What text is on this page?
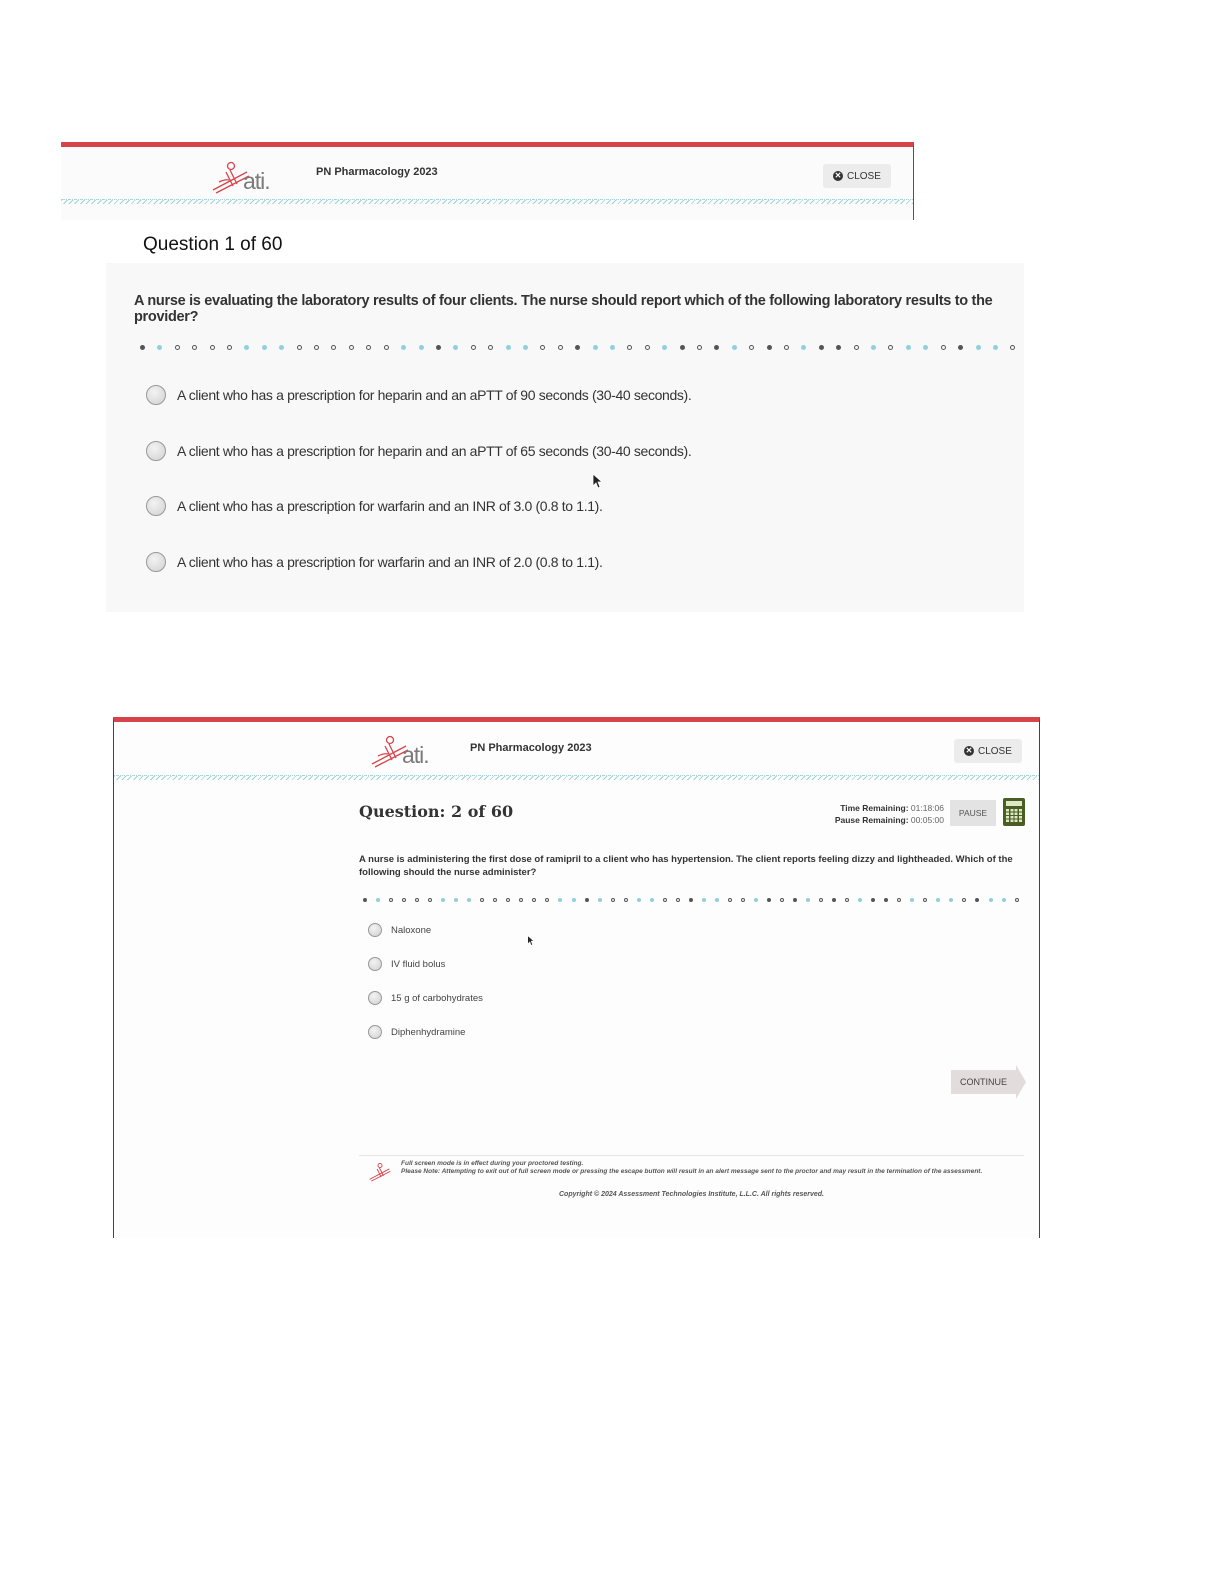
ati.	PN Pharmacology 2023	✕ CLOSE
Question 1 of 60
A nurse is evaluating the laboratory results of four clients. The nurse should report which of the following laboratory results to the provider?
A client who has a prescription for heparin and an aPTT of 90 seconds (30-40 seconds).
A client who has a prescription for heparin and an aPTT of 65 seconds (30-40 seconds).
A client who has a prescription for warfarin and an INR of 3.0 (0.8 to 1.1).
A client who has a prescription for warfarin and an INR of 2.0 (0.8 to 1.1).
ati.	PN Pharmacology 2023	✕ CLOSE
Question: 2 of 60	Time Remaining: 01:18:06
Pause Remaining: 00:05:00
PAUSE
A nurse is administering the first dose of ramipril to a client who has hypertension. The client reports feeling dizzy and lightheaded. Which of the following should the nurse administer?
Naloxone
IV fluid bolus
15 g of carbohydrates
Diphenhydramine
CONTINUE
Full screen mode is in effect during your proctored testing.
Please Note: Attempting to exit out of full screen mode or pressing the escape button will result in an alert message sent to the proctor and may result in the termination of the assessment.
Copyright © 2024 Assessment Technologies Institute, L.L.C. All rights reserved.
